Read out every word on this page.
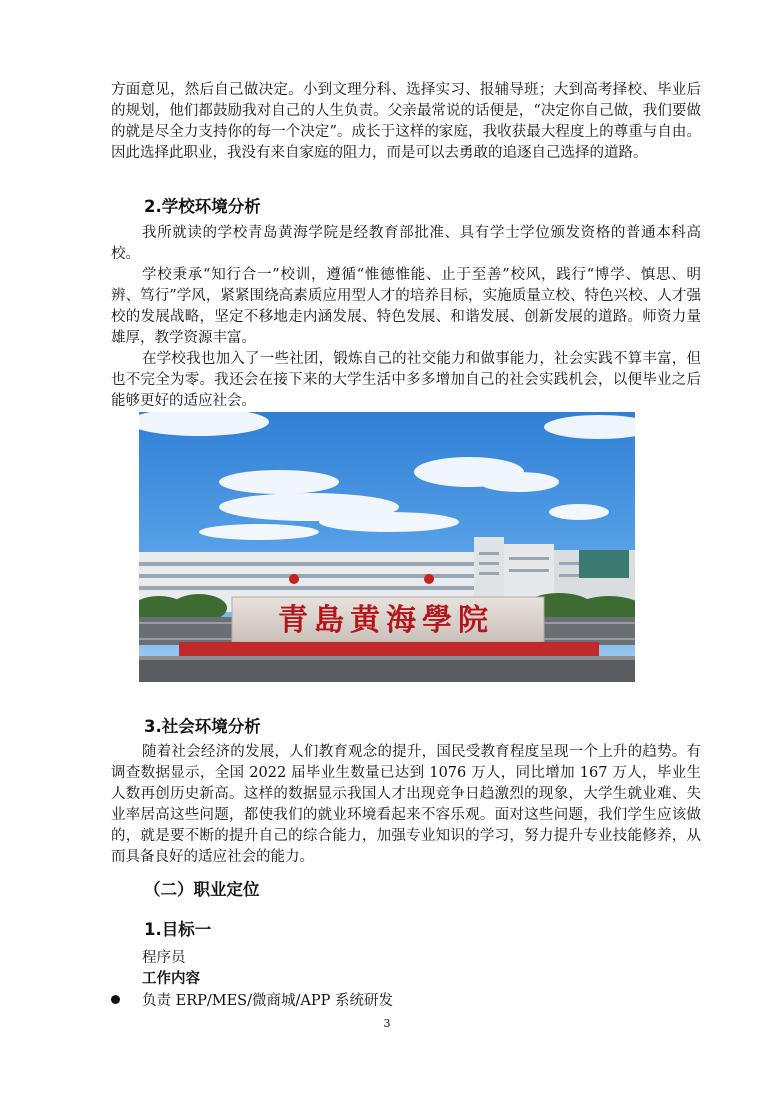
方面意见，然后自己做决定。小到文理分科、选择实习、报辅导班；大到高考择校、毕业后的规划，他们都鼓励我对自己的人生负责。父亲最常说的话便是，“决定你自己做，我们要做的就是尽全力支持你的每一个决定”。成长于这样的家庭，我收获最大程度上的尊重与自由。因此选择此职业，我没有来自家庭的阻力，而是可以去勇敢的追逐自己选择的道路。

2.学校环境分析

我所就读的学校青岛黄海学院是经教育部批准、具有学士学位颁发资格的普通本科高校。

学校秉承“知行合一”校训，遵循“惟德惟能、止于至善”校风，践行“博学、慎思、明辨、笃行”学风，紧紧围绕高素质应用型人才的培养目标，实施质量立校、特色兴校、人才强校的发展战略，坚定不移地走内涵发展、特色发展、和谐发展、创新发展的道路。师资力量雄厚，教学资源丰富。

在学校我也加入了一些社团，锻炼自己的社交能力和做事能力，社会实践不算丰富，但也不完全为零。我还会在接下来的大学生活中多多增加自己的社会实践机会，以便毕业之后能够更好的适应社会。

青島黄海學院
3.社会环境分析

随着社会经济的发展，人们教育观念的提升，国民受教育程度呈现一个上升的趋势。有调查数据显示，全国 2022 届毕业生数量已达到 1076 万人，同比增加 167 万人，毕业生人数再创历史新高。这样的数据显示我国人才出现竞争日趋激烈的现象，大学生就业难、失业率居高这些问题，都使我们的就业环境看起来不容乐观。面对这些问题，我们学生应该做的，就是要不断的提升自己的综合能力，加强专业知识的学习，努力提升专业技能修养，从而具备良好的适应社会的能力。

（二）职业定位
1.目标一

程序员

工作内容

负责 ERP/MES/微商城/APP 系统研发
3
